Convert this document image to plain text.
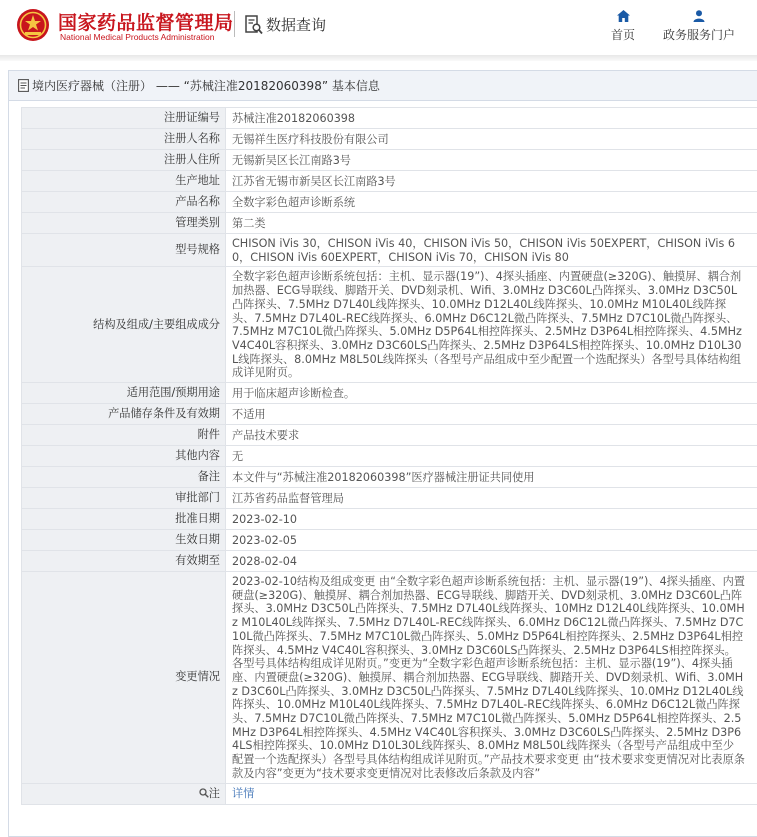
国家药品监督管理局
National Medical Products Administration
数据查询
首页	政务服务门户
境内医疗器械（注册） —— “苏械注准20182060398” 基本信息
注册证编号	苏械注准20182060398
注册人名称	无锡祥生医疗科技股份有限公司
注册人住所	无锡新吴区长江南路3号
生产地址	江苏省无锡市新吴区长江南路3号
产品名称	全数字彩色超声诊断系统
管理类别	第二类
型号规格	CHISON iVis 30，CHISON iVis 40，CHISON iVis 50，CHISON iVis 50EXPERT，CHISON iVis 60，CHISON iVis 60EXPERT，CHISON iVis 70，CHISON iVis 80
结构及组成/主要组成成分	全数字彩色超声诊断系统包括：主机、显示器(19”)、4探头插座、内置硬盘(≥320G)、触摸屏、耦合剂加热器、ECG导联线、脚踏开关、DVD刻录机、Wifi、3.0MHz D3C60L凸阵探头、3.0MHz D3C50L凸阵探头、7.5MHz D7L40L线阵探头、10.0MHz D12L40L线阵探头、10.0MHz M10L40L线阵探头、7.5MHz D7L40L-REC线阵探头、6.0MHz D6C12L微凸阵探头、7.5MHz D7C10L微凸阵探头、7.5MHz M7C10L微凸阵探头、5.0MHz D5P64L相控阵探头、2.5MHz D3P64L相控阵探头、4.5MHz V4C40L容积探头、3.0MHz D3C60LS凸阵探头、2.5MHz D3P64LS相控阵探头、10.0MHz D10L30L线阵探头、8.0MHz M8L50L线阵探头（各型号产品组成中至少配置一个选配探头）各型号具体结构组成详见附页。
适用范围/预期用途	用于临床超声诊断检查。
产品储存条件及有效期	不适用
附件	产品技术要求
其他内容	无
备注	本文件与“苏械注准20182060398”医疗器械注册证共同使用
审批部门	江苏省药品监督管理局
批准日期	2023-02-10
生效日期	2023-02-05
有效期至	2028-02-04
变更情况	2023-02-10结构及组成变更 由“全数字彩色超声诊断系统包括：主机、显示器(19”)、4探头插座、内置硬盘(≥320G)、触摸屏、耦合剂加热器、ECG导联线、脚踏开关、DVD刻录机、3.0MHz D3C60L凸阵探头、3.0MHz D3C50L凸阵探头、7.5MHz D7L40L线阵探头、10MHz D12L40L线阵探头、10.0MHz M10L40L线阵探头、7.5MHz D7L40L-REC线阵探头、6.0MHz D6C12L微凸阵探头、7.5MHz D7C10L微凸阵探头、7.5MHz M7C10L微凸阵探头、5.0MHz D5P64L相控阵探头、2.5MHz D3P64L相控阵探头、4.5MHz V4C40L容积探头、3.0MHz D3C60LS凸阵探头、2.5MHz D3P64LS相控阵探头。各型号具体结构组成详见附页。”变更为“全数字彩色超声诊断系统包括：主机、显示器(19”)、4探头插座、内置硬盘(≥320G)、触摸屏、耦合剂加热器、ECG导联线、脚踏开关、DVD刻录机、Wifi、3.0MHz D3C60L凸阵探头、3.0MHz D3C50L凸阵探头、7.5MHz D7L40L线阵探头、10.0MHz D12L40L线阵探头、10.0MHz M10L40L线阵探头、7.5MHz D7L40L-REC线阵探头、6.0MHz D6C12L微凸阵探头、7.5MHz D7C10L微凸阵探头、7.5MHz M7C10L微凸阵探头、5.0MHz D5P64L相控阵探头、2.5MHz D3P64L相控阵探头、4.5MHz V4C40L容积探头、3.0MHz D3C60LS凸阵探头、2.5MHz D3P64LS相控阵探头、10.0MHz D10L30L线阵探头、8.0MHz M8L50L线阵探头（各型号产品组成中至少配置一个选配探头）各型号具体结构组成详见附页。”产品技术要求变更 由“技术要求变更情况对比表原条款及内容”变更为“技术要求变更情况对比表修改后条款及内容”
注	详情
